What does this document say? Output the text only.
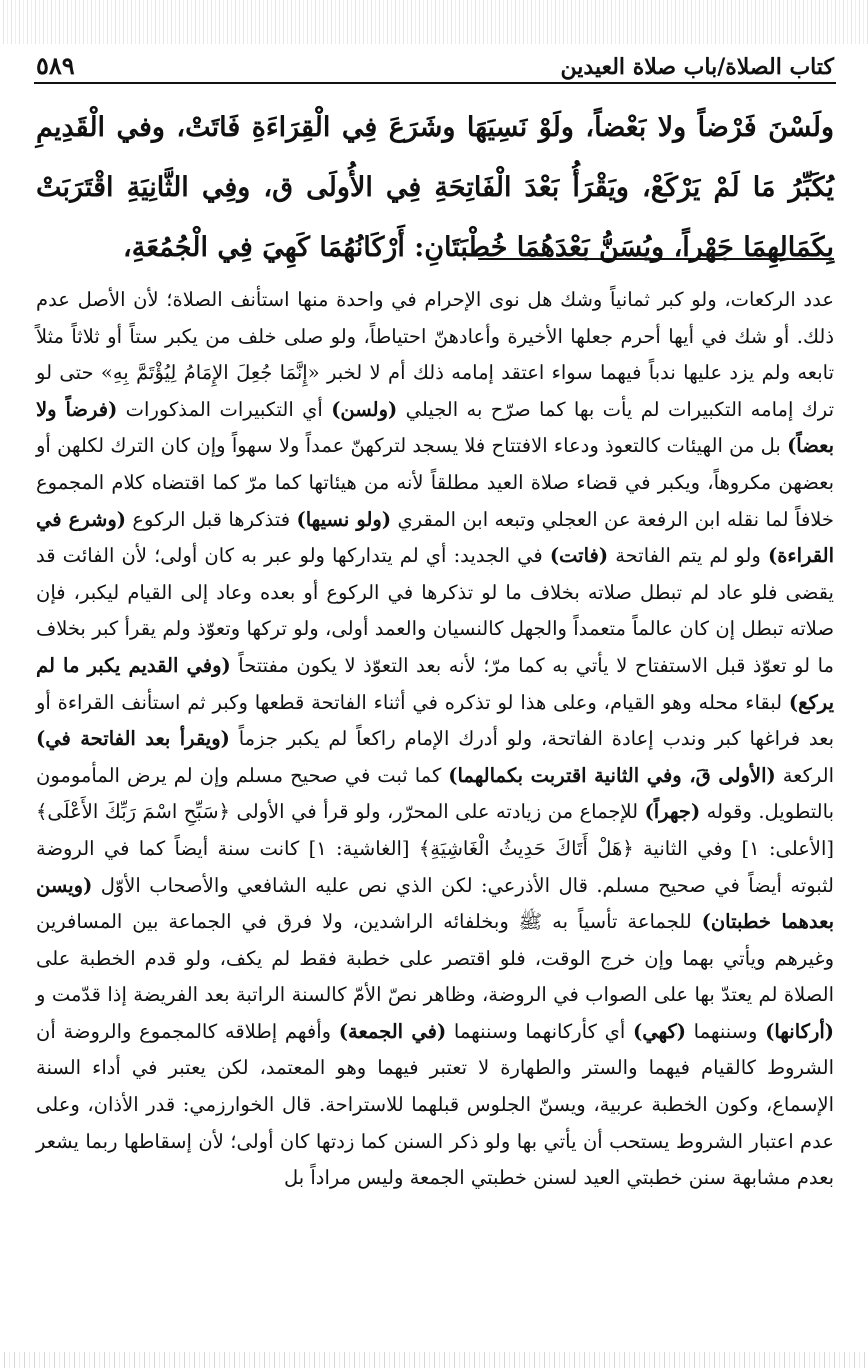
كتاب الصلاة/باب صلاة العيدين
٥٨٩
ولَسْنَ فَرْضاً ولا بَعْضاً، ولَوْ نَسِيَهَا وشَرَعَ فِي الْقِرَاءَةِ فَاتَتْ، وفي الْقَدِيمِ يُكَبِّرُ مَا لَمْ يَرْكَعْ، ويَقْرَأُ بَعْدَ الْفَاتِحَةِ فِي الأُولَى ق، وفِي الثَّانِيَةِ اقْتَرَبَتْ بِكَمَالِهِمَا جَهْراً، ويُسَنُّ بَعْدَهُمَا خُطْبَتَانِ: أَرْكَانُهُمَا كَهِيَ فِي الْجُمُعَةِ،
عدد الركعات، ولو كبر ثمانياً وشك هل نوى الإحرام في واحدة منها استأنف الصلاة؛ لأن الأصل عدم ذلك. أو شك في أيها أحرم جعلها الأخيرة وأعادهنّ احتياطاً، ولو صلى خلف من يكبر ستاً أو ثلاثاً مثلاً تابعه ولم يزد عليها ندباً فيهما سواء اعتقد إمامه ذلك أم لا لخبر «إِنَّمَا جُعِلَ الإِمَامُ لِيُؤْتَمَّ بِهِ» حتى لو ترك إمامه التكبيرات لم يأت بها كما صرّح به الجيلي (ولسن) أي التكبيرات المذكورات (فرضاً ولا بعضاً) بل من الهيئات كالتعوذ ودعاء الافتتاح فلا يسجد لتركهنّ عمداً ولا سهواً وإن كان الترك لكلهن أو بعضهن مكروهاً، ويكبر في قضاء صلاة العيد مطلقاً لأنه من هيئاتها كما مرّ كما اقتضاه كلام المجموع خلافاً لما نقله ابن الرفعة عن العجلي وتبعه ابن المقري (ولو نسيها) فتذكرها قبل الركوع (وشرع في القراءة) ولو لم يتم الفاتحة (فاتت) في الجديد: أي لم يتداركها ولو عبر به كان أولى؛ لأن الفائت قد يقضى فلو عاد لم تبطل صلاته بخلاف ما لو تذكرها في الركوع أو بعده وعاد إلى القيام ليكبر، فإن صلاته تبطل إن كان عالماً متعمداً والجهل كالنسيان والعمد أولى، ولو تركها وتعوّذ ولم يقرأ كبر بخلاف ما لو تعوّذ قبل الاستفتاح لا يأتي به كما مرّ؛ لأنه بعد التعوّذ لا يكون مفتتحاً (وفي القديم يكبر ما لم يركع) لبقاء محله وهو القيام، وعلى هذا لو تذكره في أثناء الفاتحة قطعها وكبر ثم استأنف القراءة أو بعد فراغها كبر وندب إعادة الفاتحة، ولو أدرك الإمام راكعاً لم يكبر جزماً (ويقرأ بعد الفاتحة في) الركعة (الأولى قَ، وفي الثانية اقتربت بكمالهما) كما ثبت في صحيح مسلم وإن لم يرض المأمومون بالتطويل. وقوله (جهراً) للإجماع من زيادته على المحرّر، ولو قرأ في الأولى ﴿سَبِّحِ اسْمَ رَبِّكَ الأَعْلَى﴾ [الأعلى: ١] وفي الثانية ﴿هَلْ أَتَاكَ حَدِيثُ الْغَاشِيَةِ﴾ [الغاشية: ١] كانت سنة أيضاً كما في الروضة لثبوته أيضاً في صحيح مسلم. قال الأذرعي: لكن الذي نص عليه الشافعي والأصحاب الأوّل (ويسن بعدهما خطبتان) للجماعة تأسياً به ﷺ وبخلفائه الراشدين، ولا فرق في الجماعة بين المسافرين وغيرهم ويأتي بهما وإن خرج الوقت، فلو اقتصر على خطبة فقط لم يكف، ولو قدم الخطبة على الصلاة لم يعتدّ بها على الصواب في الروضة، وظاهر نصّ الأمّ كالسنة الراتبة بعد الفريضة إذا قدّمت و (أركانها) وسننهما (كهي) أي كأركانهما وسننهما (في الجمعة) وأفهم إطلاقه كالمجموع والروضة أن الشروط كالقيام فيهما والستر والطهارة لا تعتبر فيهما وهو المعتمد، لكن يعتبر في أداء السنة الإسماع، وكون الخطبة عربية، ويسنّ الجلوس قبلهما للاستراحة. قال الخوارزمي: قدر الأذان، وعلى عدم اعتبار الشروط يستحب أن يأتي بها ولو ذكر السنن كما زدتها كان أولى؛ لأن إسقاطها ربما يشعر بعدم مشابهة سنن خطبتي العيد لسنن خطبتي الجمعة وليس مراداً بل
